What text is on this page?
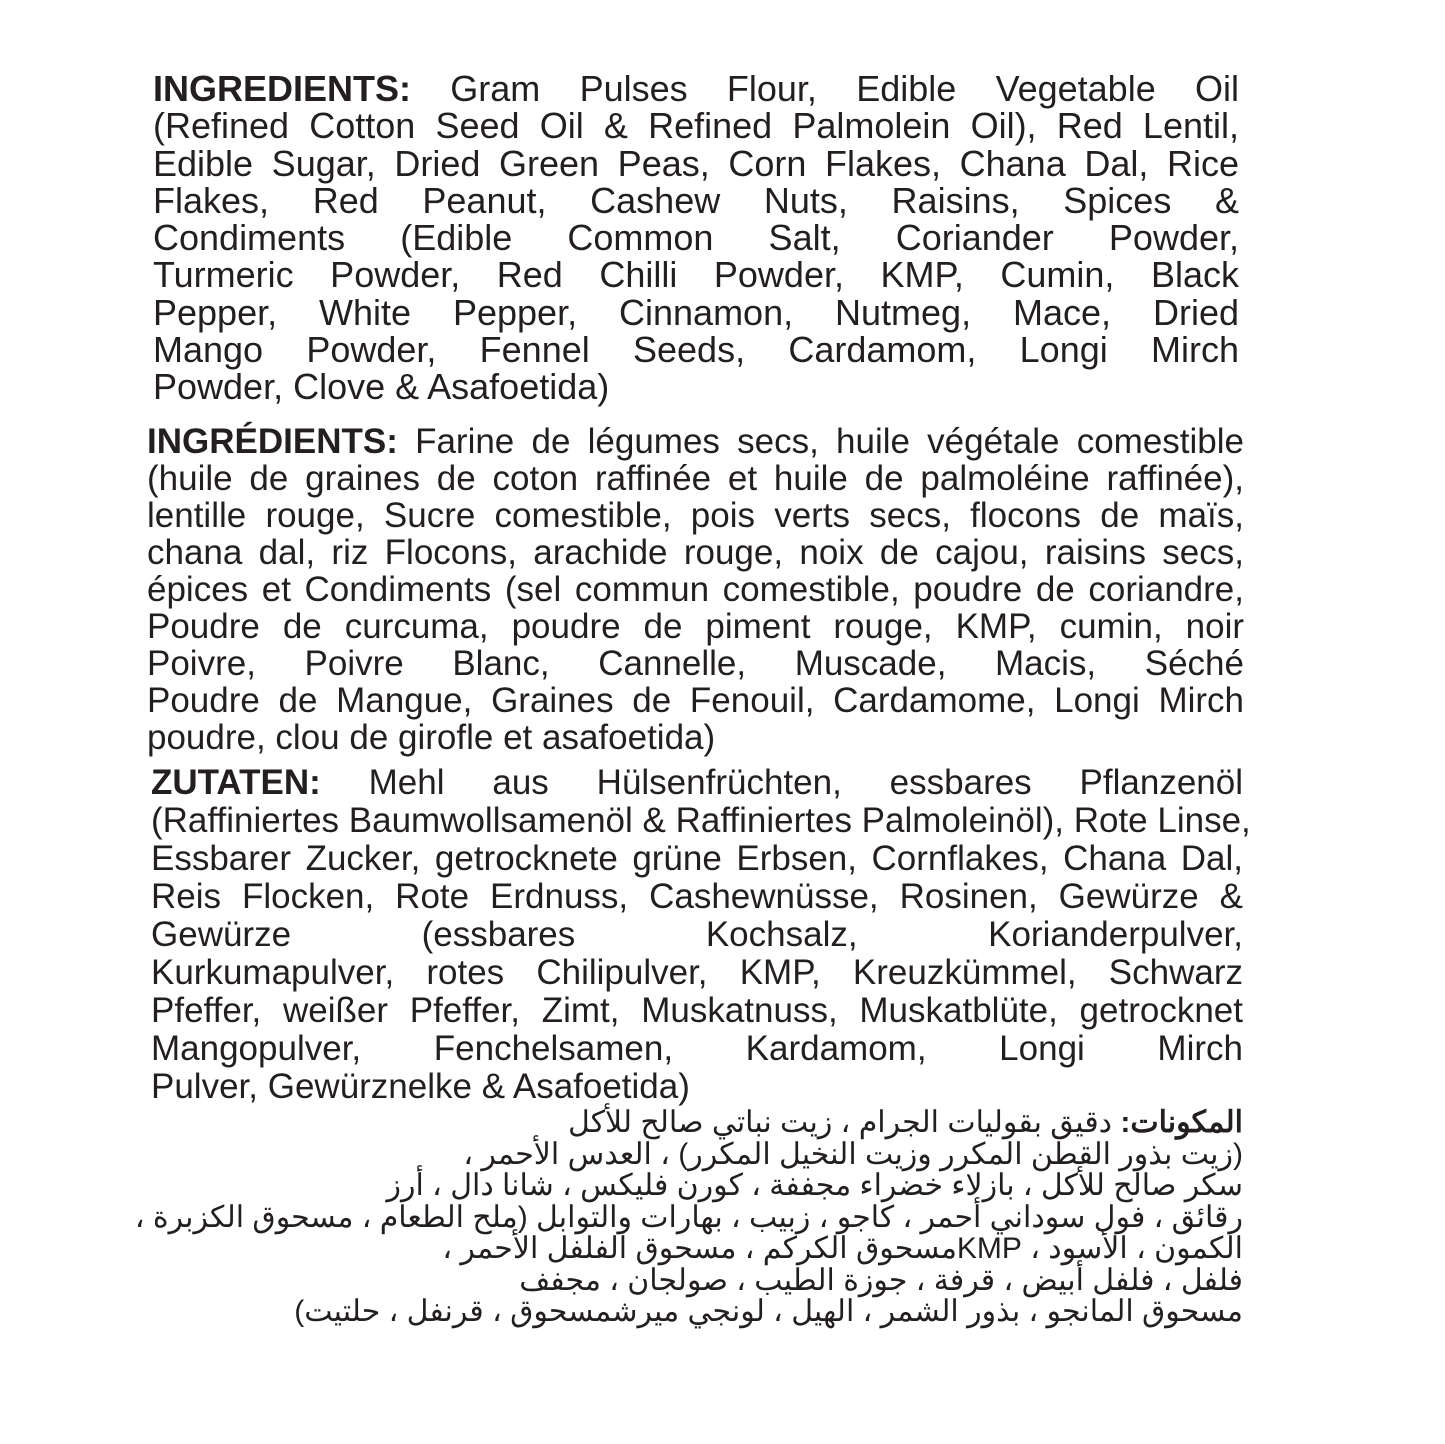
INGREDIENTS: Gram Pulses Flour, Edible Vegetable Oil
(Refined Cotton Seed Oil & Refined Palmolein Oil), Red Lentil,
Edible Sugar, Dried Green Peas, Corn Flakes, Chana Dal, Rice
Flakes, Red Peanut, Cashew Nuts, Raisins, Spices &
Condiments (Edible Common Salt, Coriander Powder,
Turmeric Powder, Red Chilli Powder, KMP, Cumin, Black
Pepper, White Pepper, Cinnamon, Nutmeg, Mace, Dried
Mango Powder, Fennel Seeds, Cardamom, Longi Mirch
Powder, Clove & Asafoetida)
INGRÉDIENTS: Farine de légumes secs, huile végétale comestible
(huile de graines de coton raffinée et huile de palmoléine raffinée),
lentille rouge, Sucre comestible, pois verts secs, flocons de maïs,
chana dal, riz Flocons, arachide rouge, noix de cajou, raisins secs,
épices et Condiments (sel commun comestible, poudre de coriandre,
Poudre de curcuma, poudre de piment rouge, KMP, cumin, noir
Poivre, Poivre Blanc, Cannelle, Muscade, Macis, Séché
Poudre de Mangue, Graines de Fenouil, Cardamome, Longi Mirch
poudre, clou de girofle et asafoetida)
ZUTATEN: Mehl aus Hülsenfrüchten, essbares Pflanzenöl
(Raffiniertes Baumwollsamenöl & Raffiniertes Palmoleinöl), Rote Linse,
Essbarer Zucker, getrocknete grüne Erbsen, Cornflakes, Chana Dal,
Reis Flocken, Rote Erdnuss, Cashewnüsse, Rosinen, Gewürze &
Gewürze (essbares Kochsalz, Korianderpulver,
Kurkumapulver, rotes Chilipulver, KMP, Kreuzkümmel, Schwarz
Pfeffer, weißer Pfeffer, Zimt, Muskatnuss, Muskatblüte, getrocknet
Mangopulver, Fenchelsamen, Kardamom, Longi Mirch
Pulver, Gewürznelke & Asafoetida)
المكونات: دقيق بقوليات الجرام ، زيت نباتي صالح للأكل
(زيت بذور القطن المكرر وزيت النخيل المكرر) ، العدس الأحمر ،
سكر صالح للأكل ، بازلاء خضراء مجففة ، كورن فليكس ، شانا دال ، أرز
رقائق ، فول سوداني أحمر ، كاجو ، زبيب ، بهارات والتوابل (ملح الطعام ، مسحوق الكزبرة ،
الكمون ، الأسود ، KMPمسحوق الكركم ، مسحوق الفلفل الأحمر ،
فلفل ، فلفل أبيض ، قرفة ، جوزة الطيب ، صولجان ، مجفف
مسحوق المانجو ، بذور الشمر ، الهيل ، لونجي ميرشمسحوق ، قرنفل ، حلتيت)
